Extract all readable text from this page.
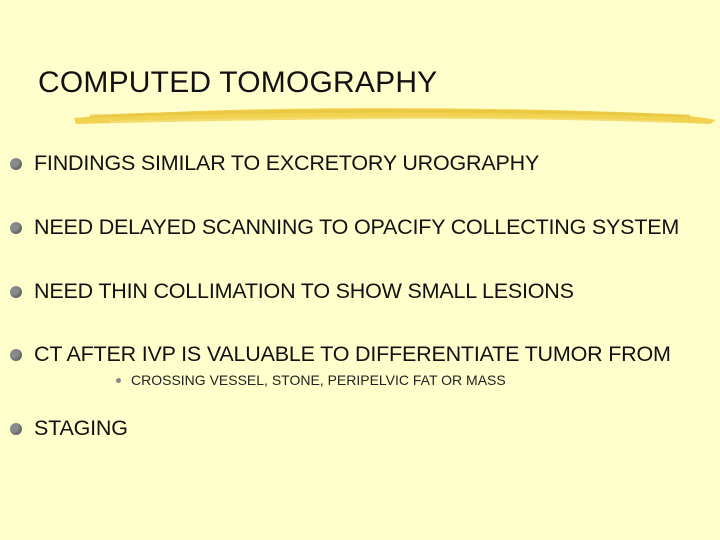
COMPUTED TOMOGRAPHY
FINDINGS SIMILAR TO EXCRETORY UROGRAPHY
NEED DELAYED SCANNING TO OPACIFY COLLECTING SYSTEM
NEED THIN COLLIMATION TO SHOW SMALL LESIONS
CT AFTER IVP IS VALUABLE TO DIFFERENTIATE TUMOR FROM
CROSSING VESSEL, STONE, PERIPELVIC FAT OR MASS
STAGING
